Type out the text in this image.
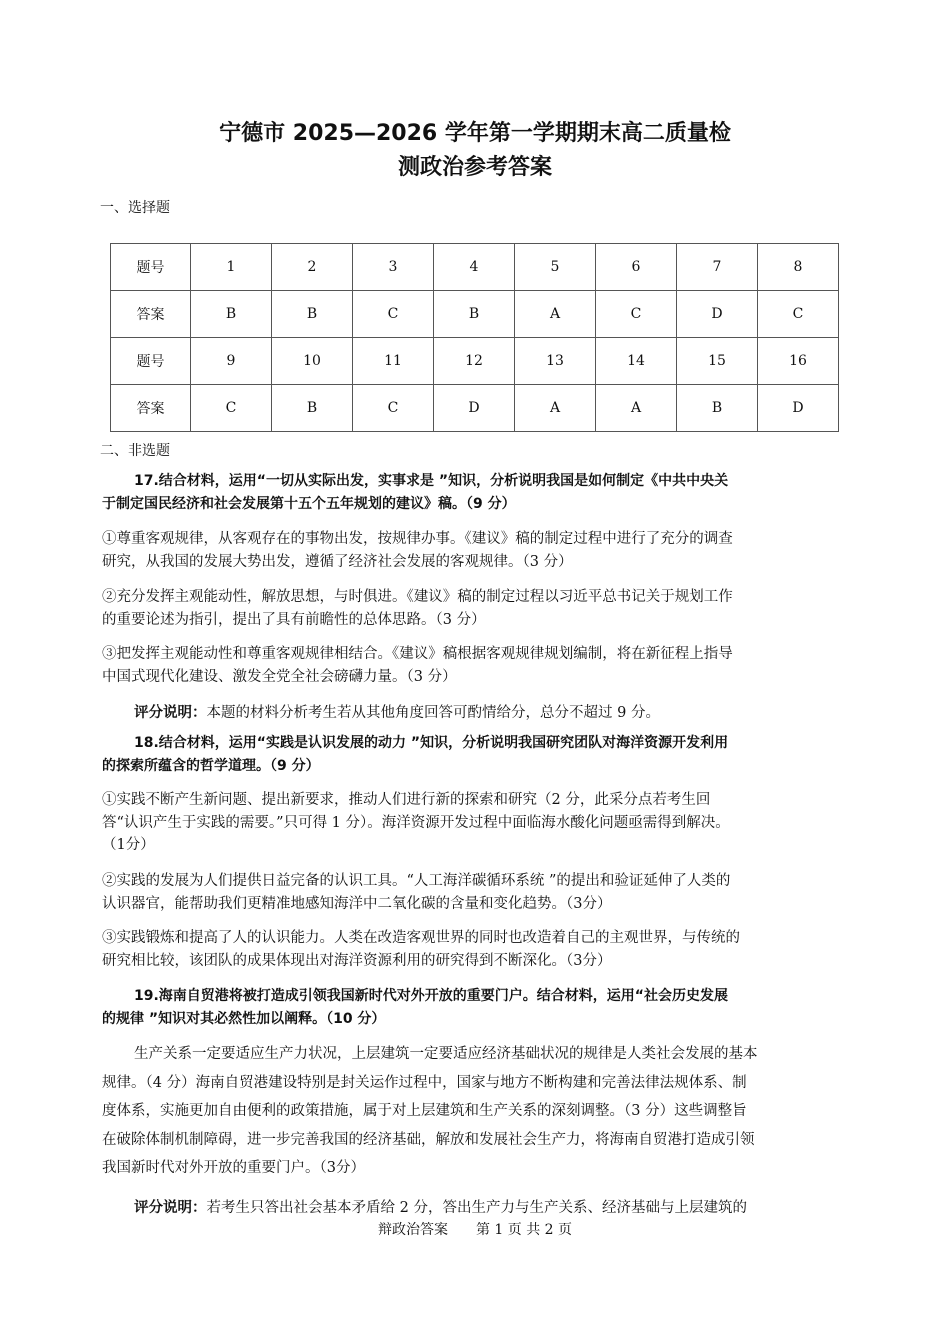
宁德市 2025—2026 学年第一学期期末高二质量检
测政治参考答案
一、选择题
题号	1	2	3	4	5	6	7	8
答案	B	B	C	B	A	C	D	C
题号	9	10	11	12	13	14	15	16
答案	C	B	C	D	A	A	B	D
二、非选题
17.结合材料，运用“一切从实际出发，实事求是 ”知识，分析说明我国是如何制定《中共中央关
于制定国民经济和社会发展第十五个五年规划的建议》稿。（9 分）
①尊重客观规律，从客观存在的事物出发，按规律办事。《建议》稿的制定过程中进行了充分的调查
研究，从我国的发展大势出发，遵循了经济社会发展的客观规律。（3 分）
②充分发挥主观能动性，解放思想，与时俱进。《建议》稿的制定过程以习近平总书记关于规划工作
的重要论述为指引，提出了具有前瞻性的总体思路。（3 分）
③把发挥主观能动性和尊重客观规律相结合。《建议》稿根据客观规律规划编制，将在新征程上指导
中国式现代化建设、激发全党全社会磅礴力量。（3 分）
评分说明：本题的材料分析考生若从其他角度回答可酌情给分，总分不超过 9 分。
18.结合材料，运用“实践是认识发展的动力 ”知识，分析说明我国研究团队对海洋资源开发利用
的探索所蕴含的哲学道理。（9 分）
①实践不断产生新问题、提出新要求，推动人们进行新的探索和研究（2 分，此采分点若考生回
答“认识产生于实践的需要。”只可得 1 分）。海洋资源开发过程中面临海水酸化问题亟需得到解决。
（1分）
②实践的发展为人们提供日益完备的认识工具。“人工海洋碳循环系统 ”的提出和验证延伸了人类的
认识器官，能帮助我们更精准地感知海洋中二氧化碳的含量和变化趋势。（3分）
③实践锻炼和提高了人的认识能力。人类在改造客观世界的同时也改造着自己的主观世界，与传统的
研究相比较，该团队的成果体现出对海洋资源利用的研究得到不断深化。（3分）
19.海南自贸港将被打造成引领我国新时代对外开放的重要门户。结合材料，运用“社会历史发展
的规律 ”知识对其必然性加以阐释。（10 分）
生产关系一定要适应生产力状况，上层建筑一定要适应经济基础状况的规律是人类社会发展的基本
规律。（4 分）海南自贸港建设特别是封关运作过程中，国家与地方不断构建和完善法律法规体系、制
度体系，实施更加自由便利的政策措施，属于对上层建筑和生产关系的深刻调整。（3 分）这些调整旨
在破除体制机制障碍，进一步完善我国的经济基础，解放和发展社会生产力，将海南自贸港打造成引领
我国新时代对外开放的重要门户。（3分）
评分说明：若考生只答出社会基本矛盾给 2 分，答出生产力与生产关系、经济基础与上层建筑的
辩政治答案　　第 1 页 共 2 页
